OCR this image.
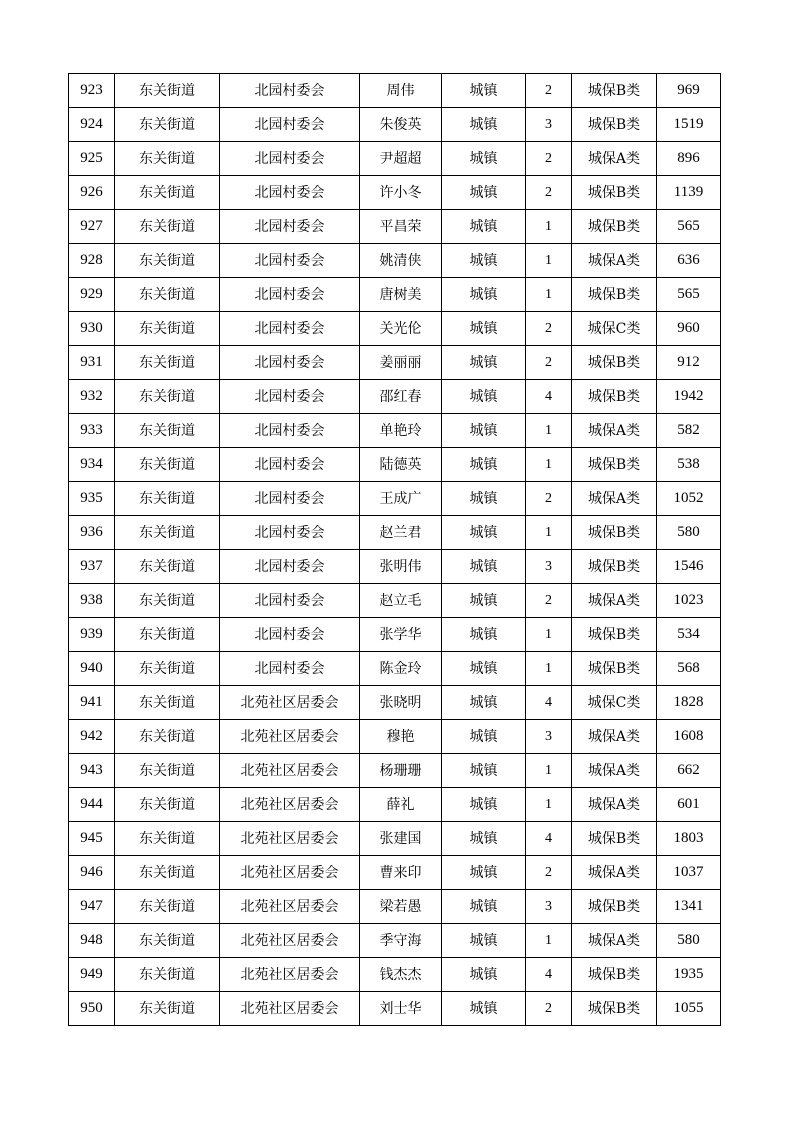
923	东关街道	北园村委会	周伟	城镇	2	城保B类	969
924	东关街道	北园村委会	朱俊英	城镇	3	城保B类	1519
925	东关街道	北园村委会	尹超超	城镇	2	城保A类	896
926	东关街道	北园村委会	许小冬	城镇	2	城保B类	1139
927	东关街道	北园村委会	平昌荣	城镇	1	城保B类	565
928	东关街道	北园村委会	姚清侠	城镇	1	城保A类	636
929	东关街道	北园村委会	唐树美	城镇	1	城保B类	565
930	东关街道	北园村委会	关光伦	城镇	2	城保C类	960
931	东关街道	北园村委会	姜丽丽	城镇	2	城保B类	912
932	东关街道	北园村委会	邵红春	城镇	4	城保B类	1942
933	东关街道	北园村委会	单艳玲	城镇	1	城保A类	582
934	东关街道	北园村委会	陆德英	城镇	1	城保B类	538
935	东关街道	北园村委会	王成广	城镇	2	城保A类	1052
936	东关街道	北园村委会	赵兰君	城镇	1	城保B类	580
937	东关街道	北园村委会	张明伟	城镇	3	城保B类	1546
938	东关街道	北园村委会	赵立毛	城镇	2	城保A类	1023
939	东关街道	北园村委会	张学华	城镇	1	城保B类	534
940	东关街道	北园村委会	陈金玲	城镇	1	城保B类	568
941	东关街道	北苑社区居委会	张晓明	城镇	4	城保C类	1828
942	东关街道	北苑社区居委会	穆艳	城镇	3	城保A类	1608
943	东关街道	北苑社区居委会	杨珊珊	城镇	1	城保A类	662
944	东关街道	北苑社区居委会	薛礼	城镇	1	城保A类	601
945	东关街道	北苑社区居委会	张建国	城镇	4	城保B类	1803
946	东关街道	北苑社区居委会	曹来印	城镇	2	城保A类	1037
947	东关街道	北苑社区居委会	梁若愚	城镇	3	城保B类	1341
948	东关街道	北苑社区居委会	季守海	城镇	1	城保A类	580
949	东关街道	北苑社区居委会	钱杰杰	城镇	4	城保B类	1935
950	东关街道	北苑社区居委会	刘士华	城镇	2	城保B类	1055
